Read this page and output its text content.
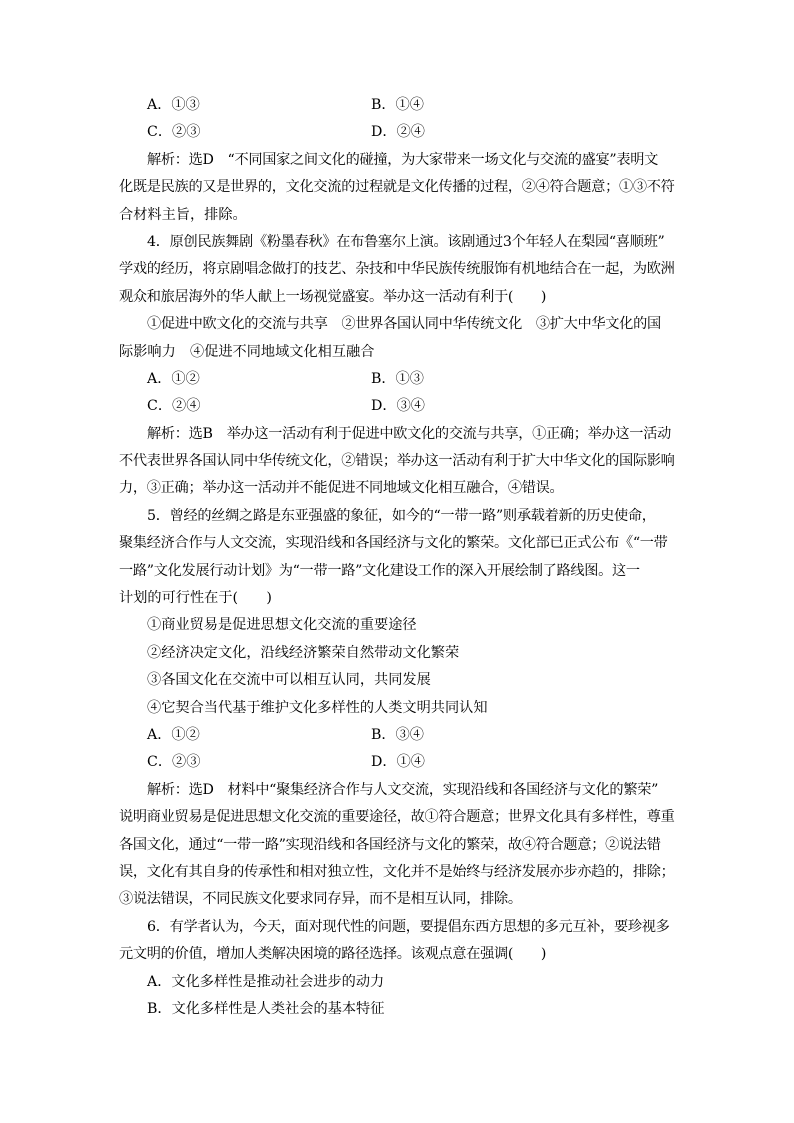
A．①③	B．①④
C．②③	D．②④
解析：选D　“不同国家之间文化的碰撞，为大家带来一场文化与交流的盛宴”表明文
化既是民族的又是世界的，文化交流的过程就是文化传播的过程，②④符合题意；①③不符
合材料主旨，排除。
4．原创民族舞剧《粉墨春秋》在布鲁塞尔上演。该剧通过3个年轻人在梨园“喜顺班”
学戏的经历，将京剧唱念做打的技艺、杂技和中华民族传统服饰有机地结合在一起，为欧洲
观众和旅居海外的华人献上一场视觉盛宴。举办这一活动有利于(　　)
①促进中欧文化的交流与共享　②世界各国认同中华传统文化　③扩大中华文化的国
际影响力　④促进不同地域文化相互融合
A．①②	B．①③
C．②④	D．③④
解析：选B　举办这一活动有利于促进中欧文化的交流与共享，①正确；举办这一活动
不代表世界各国认同中华传统文化，②错误；举办这一活动有利于扩大中华文化的国际影响
力，③正确；举办这一活动并不能促进不同地域文化相互融合，④错误。
5．曾经的丝绸之路是东亚强盛的象征，如今的“一带一路”则承载着新的历史使命，
聚集经济合作与人文交流，实现沿线和各国经济与文化的繁荣。文化部已正式公布《“一带
一路”文化发展行动计划》为“一带一路”文化建设工作的深入开展绘制了路线图。这一
计划的可行性在于(　　)
①商业贸易是促进思想文化交流的重要途径
②经济决定文化，沿线经济繁荣自然带动文化繁荣
③各国文化在交流中可以相互认同，共同发展
④它契合当代基于维护文化多样性的人类文明共同认知
A．①②	B．③④
C．②③	D．①④
解析：选D　材料中“聚集经济合作与人文交流，实现沿线和各国经济与文化的繁荣”
说明商业贸易是促进思想文化交流的重要途径，故①符合题意；世界文化具有多样性，尊重
各国文化，通过“一带一路”实现沿线和各国经济与文化的繁荣，故④符合题意；②说法错
误，文化有其自身的传承性和相对独立性，文化并不是始终与经济发展亦步亦趋的，排除；
③说法错误，不同民族文化要求同存异，而不是相互认同，排除。
6．有学者认为，今天，面对现代性的问题，要提倡东西方思想的多元互补，要珍视多
元文明的价值，增加人类解决困境的路径选择。该观点意在强调(　　)
A．文化多样性是推动社会进步的动力
B．文化多样性是人类社会的基本特征
